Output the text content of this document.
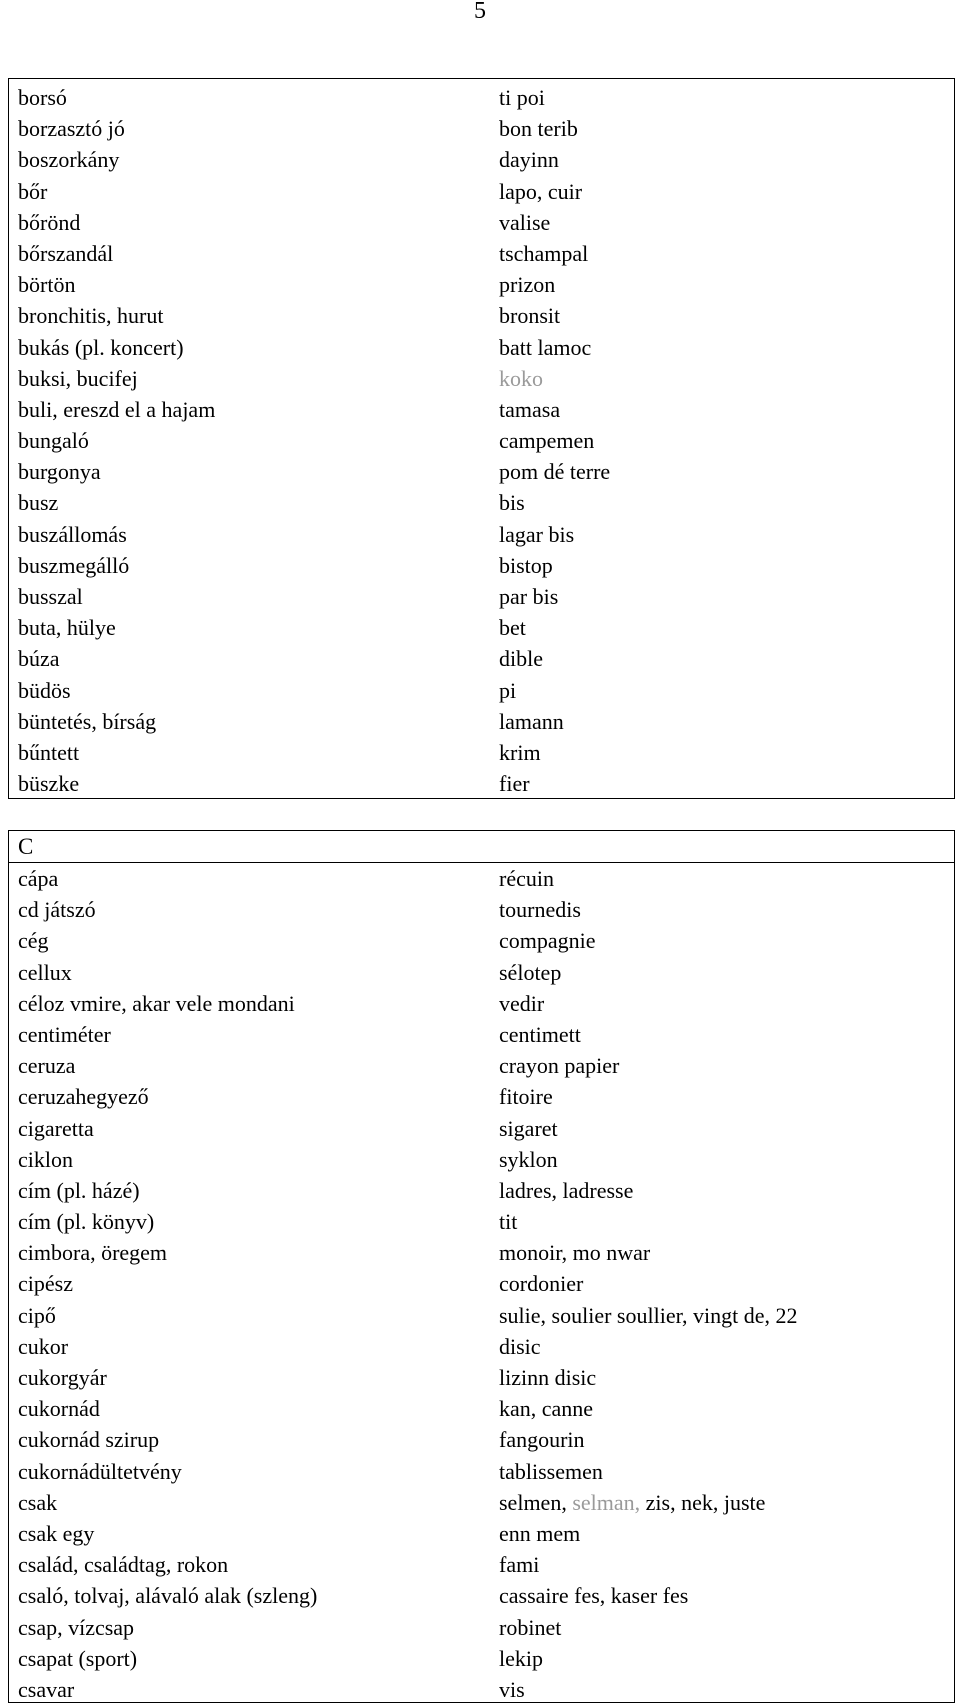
5
borsó	ti poi
borzasztó jó	bon terib
boszorkány	dayinn
bőr	lapo, cuir
bőrönd	valise
bőrszandál	tschampal
börtön	prizon
bronchitis, hurut	bronsit
bukás (pl. koncert)	batt lamoc
buksi, bucifej	koko
buli, ereszd el a hajam	tamasa
bungaló	campemen
burgonya	pom dé terre
busz	bis
buszállomás	lagar bis
buszmegálló	bistop
busszal	par bis
buta, hülye	bet
búza	dible
büdös	pi
büntetés, bírság	lamann
bűntett	krim
büszke	fier
C
cápa	récuin
cd játszó	tournedis
cég	compagnie
cellux	sélotep
céloz vmire, akar vele mondani	vedir
centiméter	centimett
ceruza	crayon papier
ceruzahegyező	fitoire
cigaretta	sigaret
ciklon	syklon
cím (pl. házé)	ladres, ladresse
cím (pl. könyv)	tit
cimbora, öregem	monoir, mo nwar
cipész	cordonier
cipő	sulie, soulier soullier, vingt de, 22
cukor	disic
cukorgyár	lizinn disic
cukornád	kan, canne
cukornád szirup	fangourin
cukornádültetvény	tablissemen
csak	selmen, selman, zis, nek, juste
csak egy	enn mem
család, családtag, rokon	fami
csaló, tolvaj, alávaló alak (szleng)	cassaire fes, kaser fes
csap, vízcsap	robinet
csapat (sport)	lekip
csavar	vis
